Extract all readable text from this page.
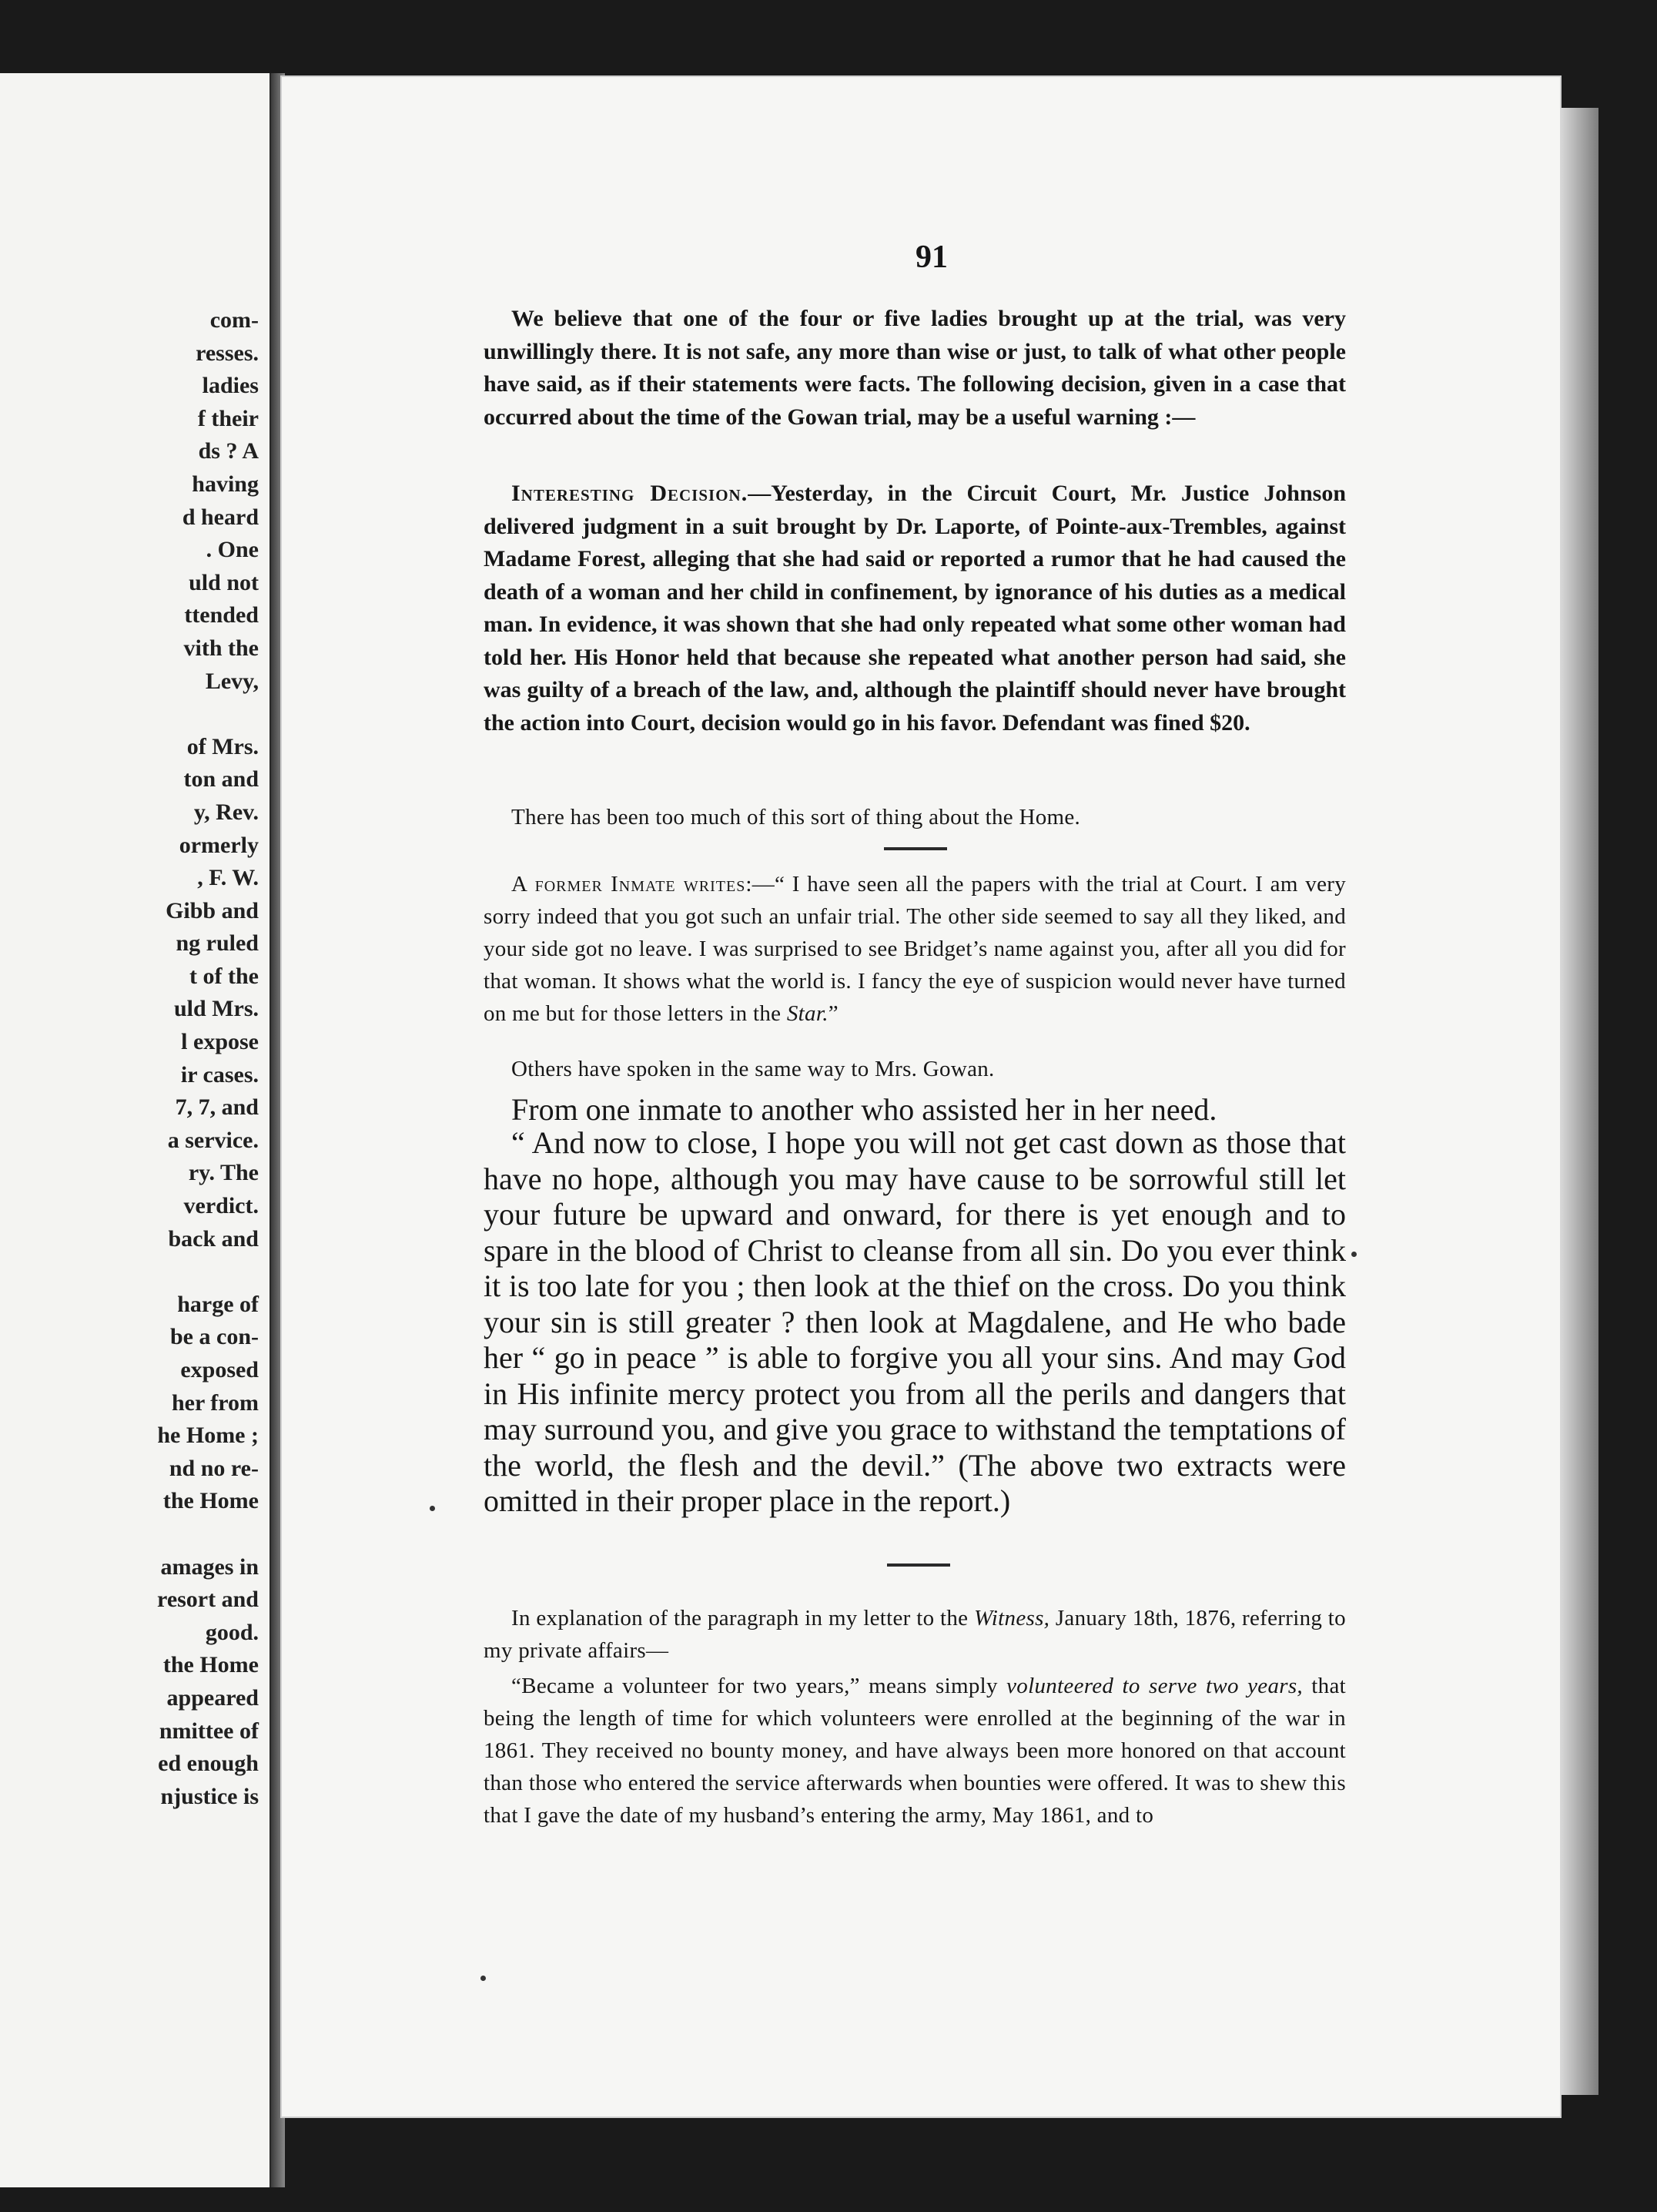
com-
resses.
ladies
f their
ds ? A
having
d heard
. One
uld not
ttended
vith the
Levy,
of Mrs.
ton and
y, Rev.
ormerly
, F. W.
Gibb and
ng ruled
t of the
uld Mrs.
l expose
ir cases.
7, 7, and
a service.
ry. The
verdict.
back and
harge of
be a con-
exposed
her from
he Home ;
nd no re-
the Home
amages in
resort and
good.
the Home
appeared
nmittee of
ed enough
njustice is
91

We believe that one of the four or five ladies brought up at the trial, was very unwillingly there. It is not safe, any more than wise or just, to talk of what other people have said, as if their statements were facts. The following decision, given in a case that occurred about the time of the Gowan trial, may be a useful warning :—

Interesting Decision.—Yesterday, in the Circuit Court, Mr. Justice Johnson delivered judgment in a suit brought by Dr. Laporte, of Pointe-aux-Trembles, against Madame Forest, alleging that she had said or reported a rumor that he had caused the death of a woman and her child in confinement, by ignorance of his duties as a medical man. In evidence, it was shown that she had only repeated what some other woman had told her. His Honor held that because she repeated what another person had said, she was guilty of a breach of the law, and, although the plaintiff should never have brought the action into Court, decision would go in his favor. Defendant was fined $20.

There has been too much of this sort of thing about the Home.

A former Inmate writes:—“ I have seen all the papers with the trial at Court. I am very sorry indeed that you got such an unfair trial. The other side seemed to say all they liked, and your side got no leave. I was surprised to see Bridget’s name against you, after all you did for that woman. It shows what the world is. I fancy the eye of suspicion would never have turned on me but for those letters in the Star.”

Others have spoken in the same way to Mrs. Gowan.

From one inmate to another who assisted her in her need.

“ And now to close, I hope you will not get cast down as those that have no hope, although you may have cause to be sorrowful still let your future be upward and onward, for there is yet enough and to spare in the blood of Christ to cleanse from all sin. Do you ever think it is too late for you ; then look at the thief on the cross. Do you think your sin is still greater ? then look at Magdalene, and He who bade her “ go in peace ” is able to forgive you all your sins. And may God in His infinite mercy protect you from all the perils and dangers that may surround you, and give you grace to withstand the temptations of the world, the flesh and the devil.” (The above two extracts were omitted in their proper place in the report.)

In explanation of the paragraph in my letter to the Witness, January 18th, 1876, referring to my private affairs—

“Became a volunteer for two years,” means simply volunteered to serve two years, that being the length of time for which volunteers were enrolled at the beginning of the war in 1861. They received no bounty money, and have always been more honored on that account than those who entered the service afterwards when bounties were offered. It was to shew this that I gave the date of my husband’s entering the army, May 1861, and to
